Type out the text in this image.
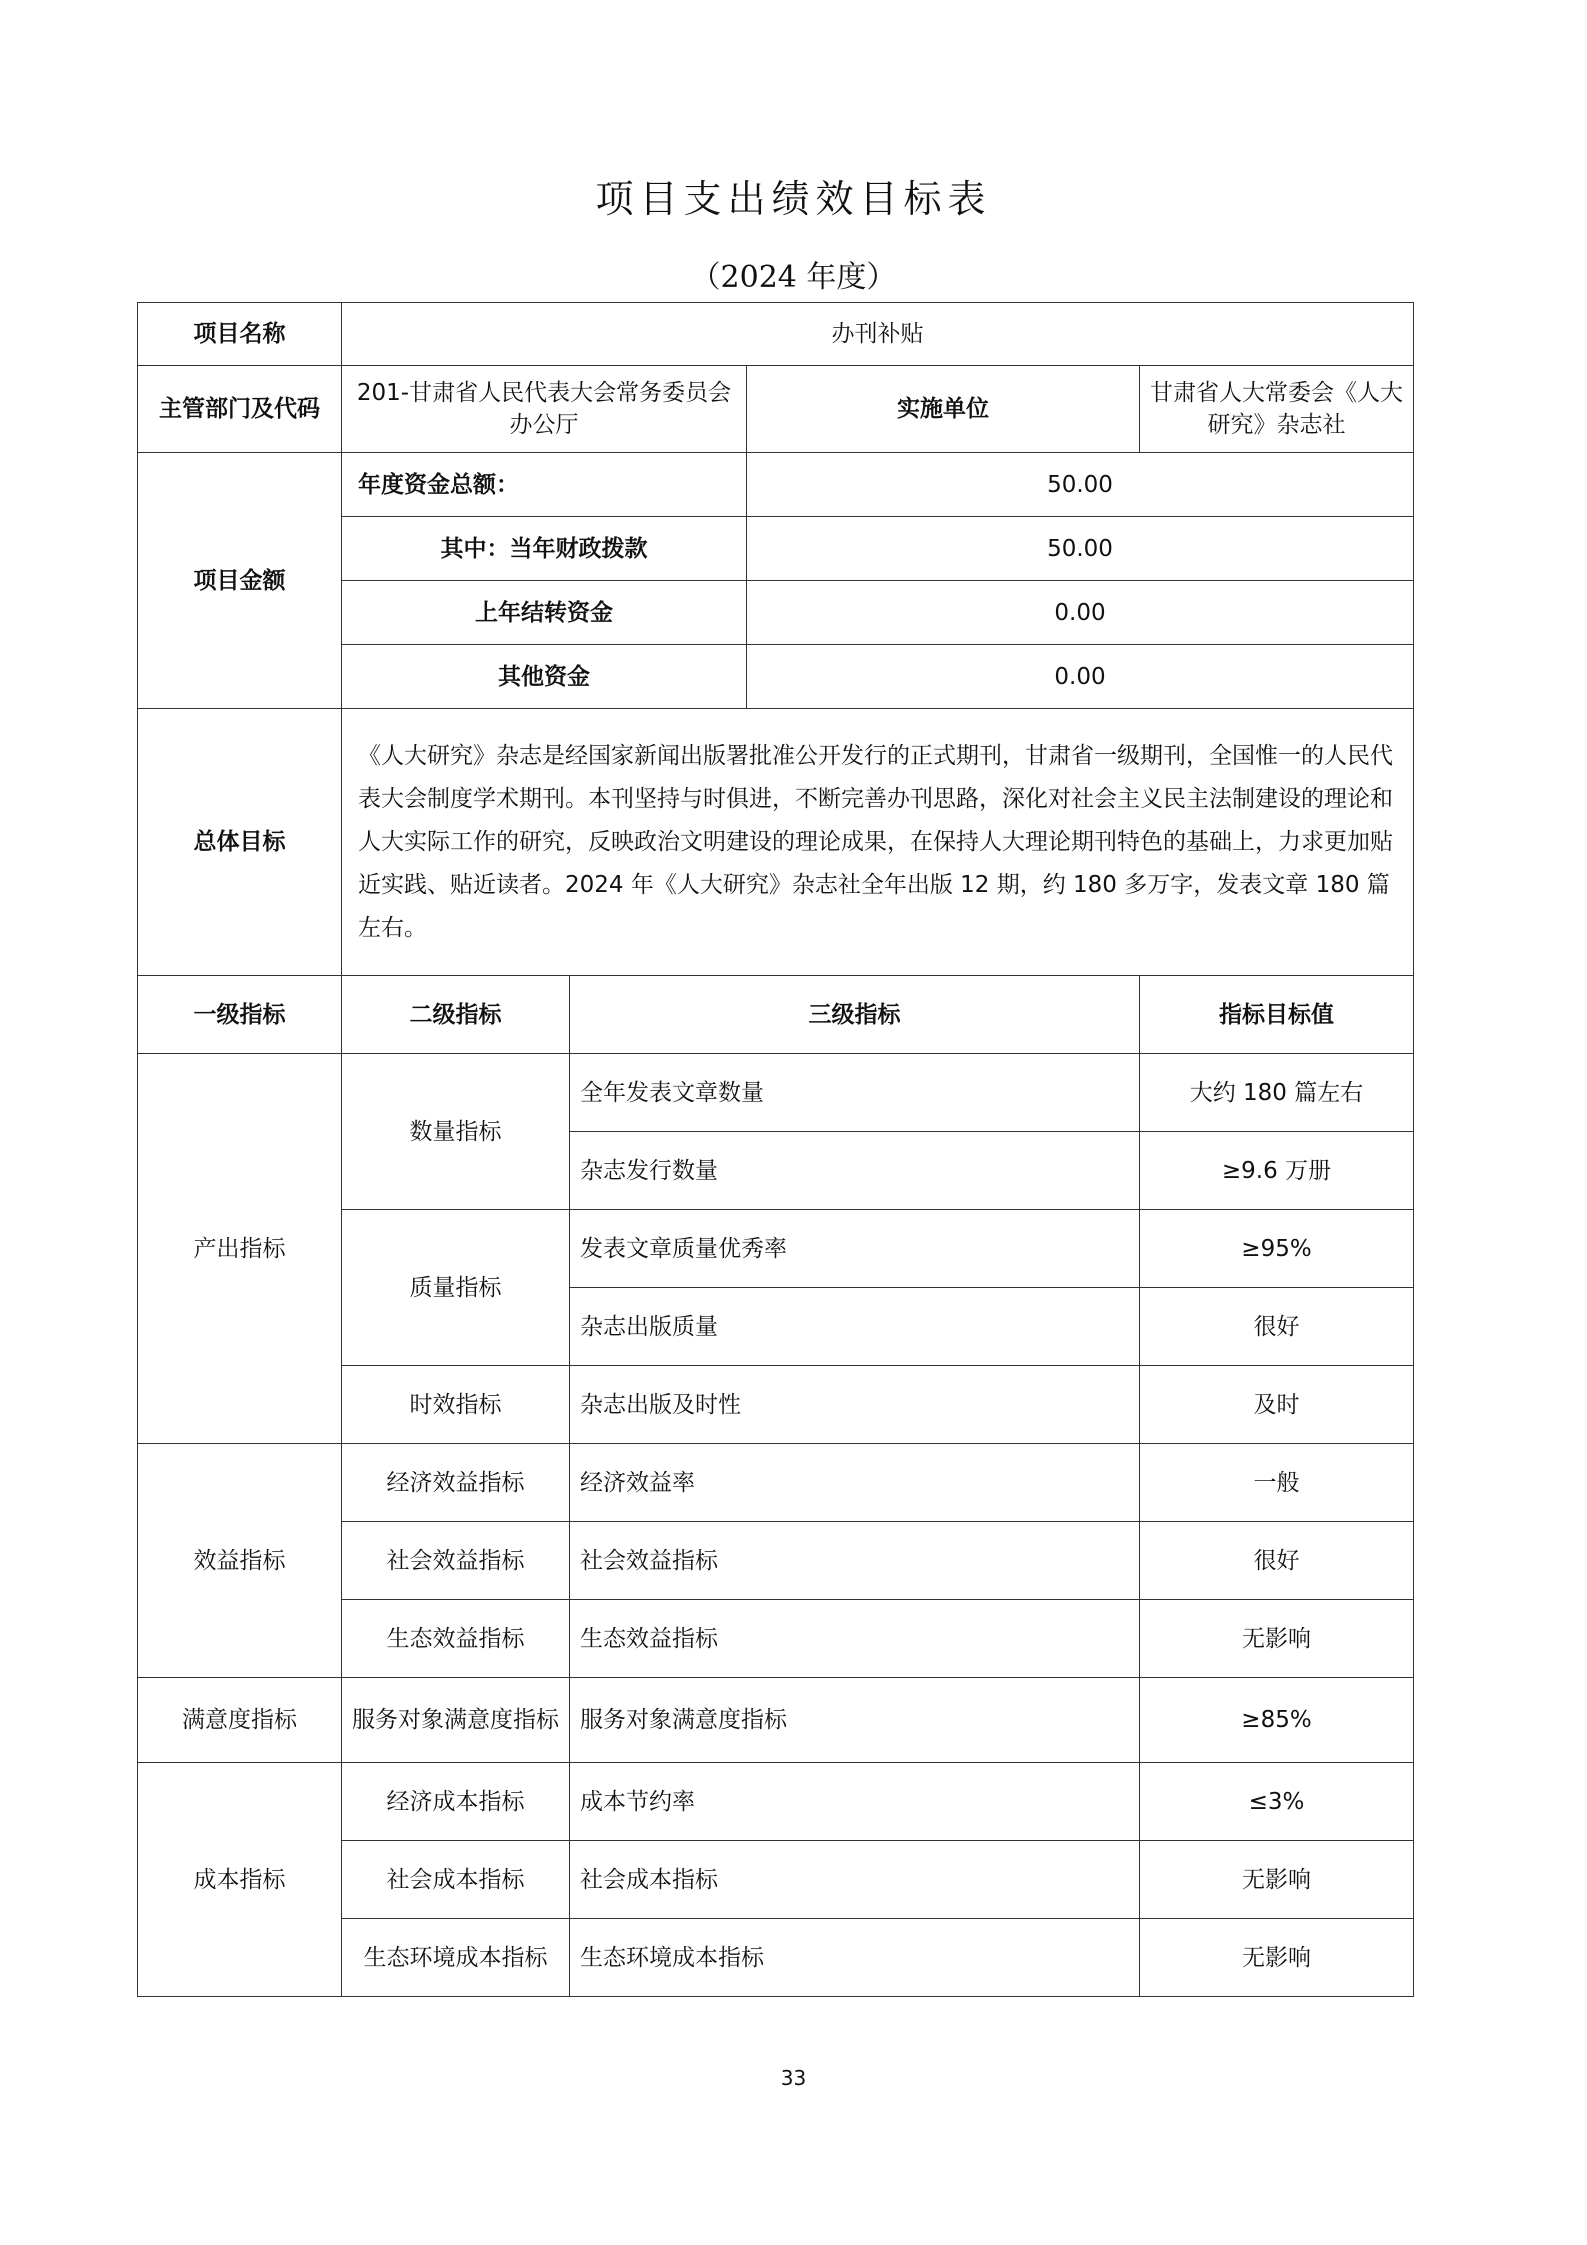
项目支出绩效目标表
（2024 年度）
项目名称	办刊补贴			
主管部门及代码	201-甘肃省人民代表大会常务委员会办公厅		实施单位	甘肃省人大常委会《人大研究》杂志社
项目金额	年度资金总额：		50.00	
	其中：当年财政拨款		50.00	
	上年结转资金		0.00	
	其他资金		0.00	
总体目标	《人大研究》杂志是经国家新闻出版署批准公开发行的正式期刊，甘肃省一级期刊，全国惟一的人民代表大会制度学术期刊。本刊坚持与时俱进，不断完善办刊思路，深化对社会主义民主法制建设的理论和人大实际工作的研究，反映政治文明建设的理论成果，在保持人大理论期刊特色的基础上，力求更加贴近实践、贴近读者。2024 年《人大研究》杂志社全年出版 12 期，约 180 多万字，发表文章 180 篇左右。			
一级指标	二级指标	三级指标		指标目标值
产出指标	数量指标	全年发表文章数量		大约 180 篇左右
		杂志发行数量		≥9.6 万册
	质量指标	发表文章质量优秀率		≥95%
		杂志出版质量		很好
	时效指标	杂志出版及时性		及时
效益指标	经济效益指标	经济效益率		一般
	社会效益指标	社会效益指标		很好
	生态效益指标	生态效益指标		无影响
满意度指标	服务对象满意度指标	服务对象满意度指标		≥85%
成本指标	经济成本指标	成本节约率		≤3%
	社会成本指标	社会成本指标		无影响
	生态环境成本指标	生态环境成本指标		无影响
33
